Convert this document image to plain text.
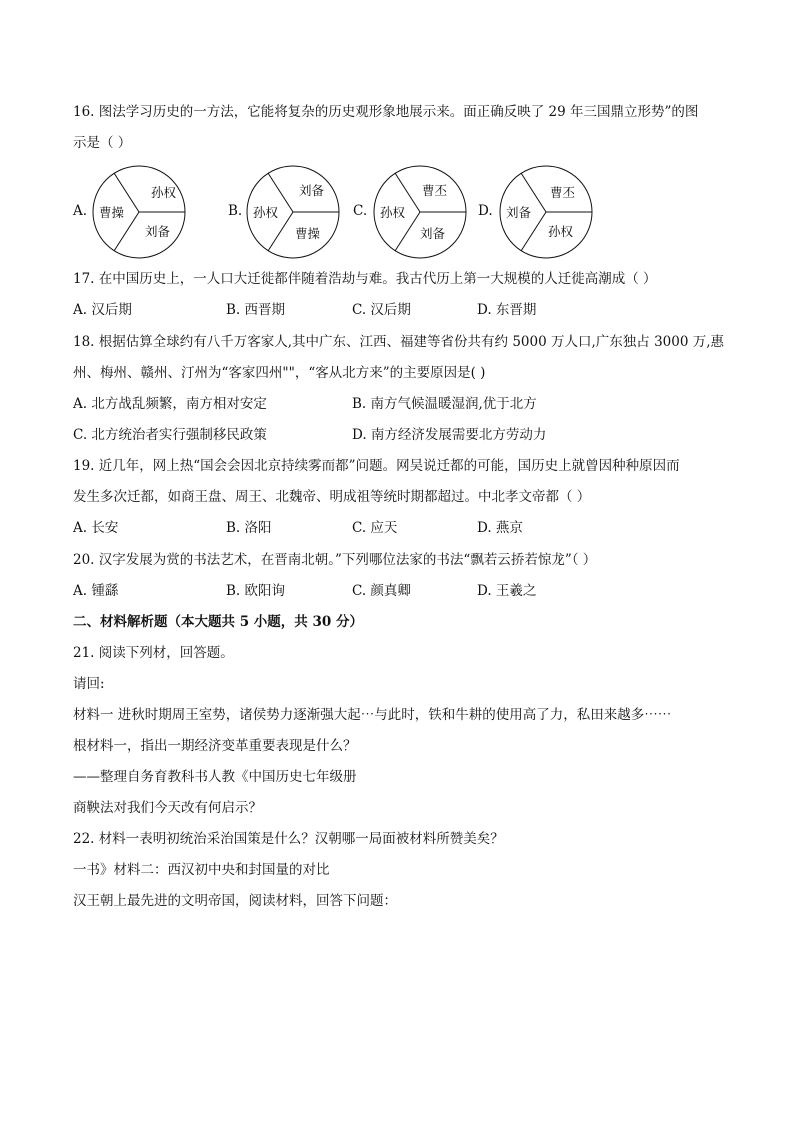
16. 图法学习历史的一方法，它能将复杂的历史观形象地展示来。面正确反映了 29 年三国鼎立形势”的图
示是（ ）
A.
孙权
刘备
曹操	B.
刘备
曹操
孙权	C.
曹丕
刘备
孙权	D.
曹丕
孙权
刘备
17. 在中国历史上，一人口大迁徙都伴随着浩劫与难。我古代历上第一大规模的人迁徙高潮成（ ）
A. 汉后期	B. 西晋期	C. 汉后期	D. 东晋期
18. 根据估算全球约有八千万客家人,其中广东、江西、福建等省份共有约 5000 万人口,广东独占 3000 万,惠
州、梅州、赣州、汀州为“客家四州""，“客从北方来”的主要原因是( )
A. 北方战乱频繁，南方相对安定	B. 南方气候温暖湿润,优于北方
C. 北方统治者实行强制移民政策	D. 南方经济发展需要北方劳动力
19. 近几年，网上热“国会会因北京持续雾而都”问题。网吴说迁都的可能，国历史上就曾因种种原因而
发生多次迁都，如商王盘、周王、北魏帝、明成祖等统时期都超过。中北孝文帝都（ ）
A. 长安	B. 洛阳	C. 应天	D. 燕京
20. 汉字发展为赏的书法艺术，在晋南北朝。”下列哪位法家的书法“飘若云挢若惊龙”（ ）
A. 锺繇	B. 欧阳询	C. 颜真卿	D. 王羲之
二、材料解析题（本大题共 5 小题，共 30 分）
21. 阅读下列材，回答题。
请回:
材料一 进秋时期周王室势，诸侯势力逐渐强大起⋯与此时，铁和牛耕的使用高了力，私田来越多⋯⋯
根材料一，指出一期经济变革重要表现是什么？
——整理自务育教科书人教《中国历史七年级册
商鞅法对我们今天改有何启示？
22. 材料一表明初统治采治国策是什么？汉朝哪一局面被材料所赞美矣？
一书》材料二：西汉初中央和封国量的对比
汉王朝上最先进的文明帝国，阅读材料，回答下问题：
